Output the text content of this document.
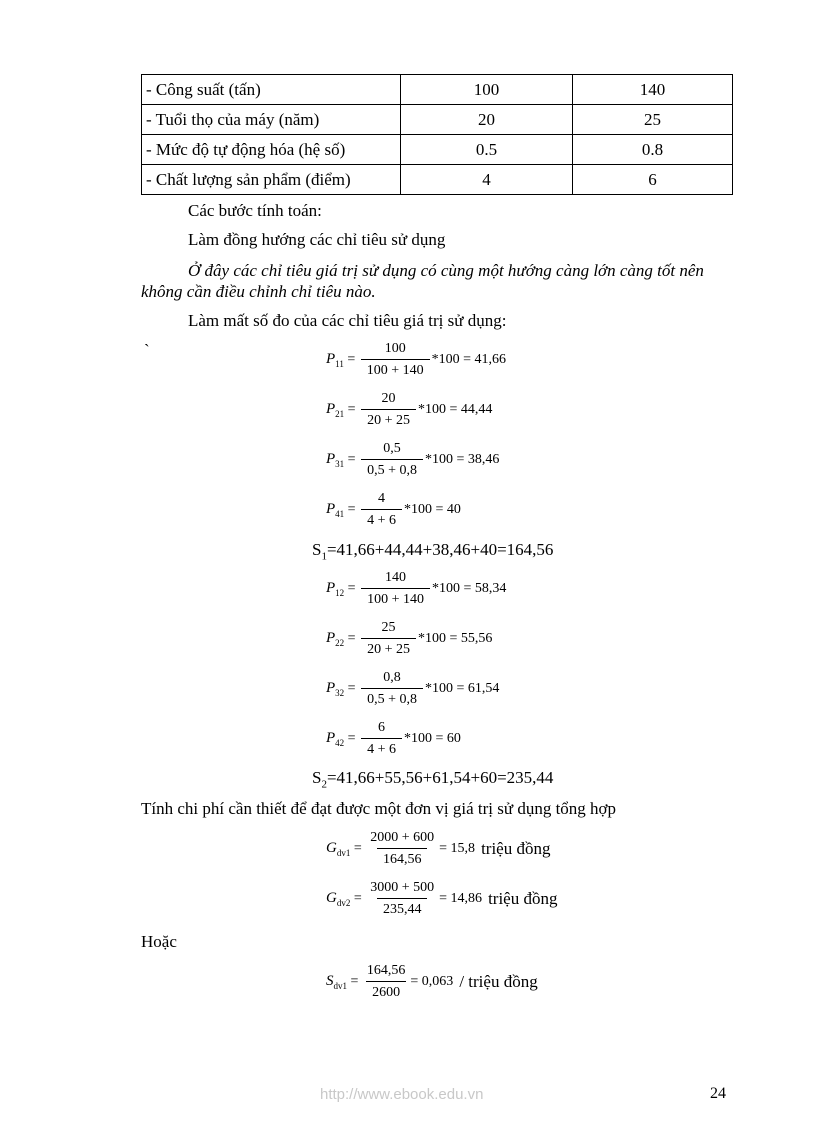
- Công suất (tấn)	100	140
- Tuổi thọ của máy (năm)	20	25
- Mức độ tự động hóa (hệ số)	0.5	0.8
- Chất lượng sản phẩm (điểm)	4	6
Các bước tính toán:
Làm đồng hướng các chỉ tiêu sử dụng
Ở đây các chỉ tiêu giá trị sử dụng có cùng một hướng càng lớn càng tốt nên
không cần điều chỉnh chỉ tiêu nào.
Làm mất số đo của các chỉ tiêu giá trị sử dụng:
`	$P_{11} = \frac{100}{100 + 140} *100 = 41,66$
$P_{21} = \frac{20}{20 + 25} *100 = 44,44$
$P_{31} = \frac{0,5}{0,5 + 0,8} *100 = 38,46$
$P_{41} = \frac{4}{4 + 6} *100 = 40$
$S_1=41,66+44,44+38,46+40=164,56$
$P_{12} = \frac{140}{100 + 140} *100 = 58,34$
$P_{22} = \frac{25}{20 + 25} *100 = 55,56$
$P_{32} = \frac{0,8}{0,5 + 0,8} *100 = 61,54$
$P_{42} = \frac{6}{4 + 6} *100 = 60$
$S_2=41,66+55,56+61,54+60=235,44$
Tính chi phí cần thiết để đạt được một đơn vị giá trị sử dụng tổng hợp
$G_{dv1} = \frac{2000 + 600}{164,56} = 15,8$ triệu đồng
$G_{dv2} = \frac{3000 + 500}{235,44} = 14,86$ triệu đồng
Hoặc
$S_{dv1} = \frac{164,56}{2600} = 0,063$ / triệu đồng
http://www.ebook.edu.vn	24
